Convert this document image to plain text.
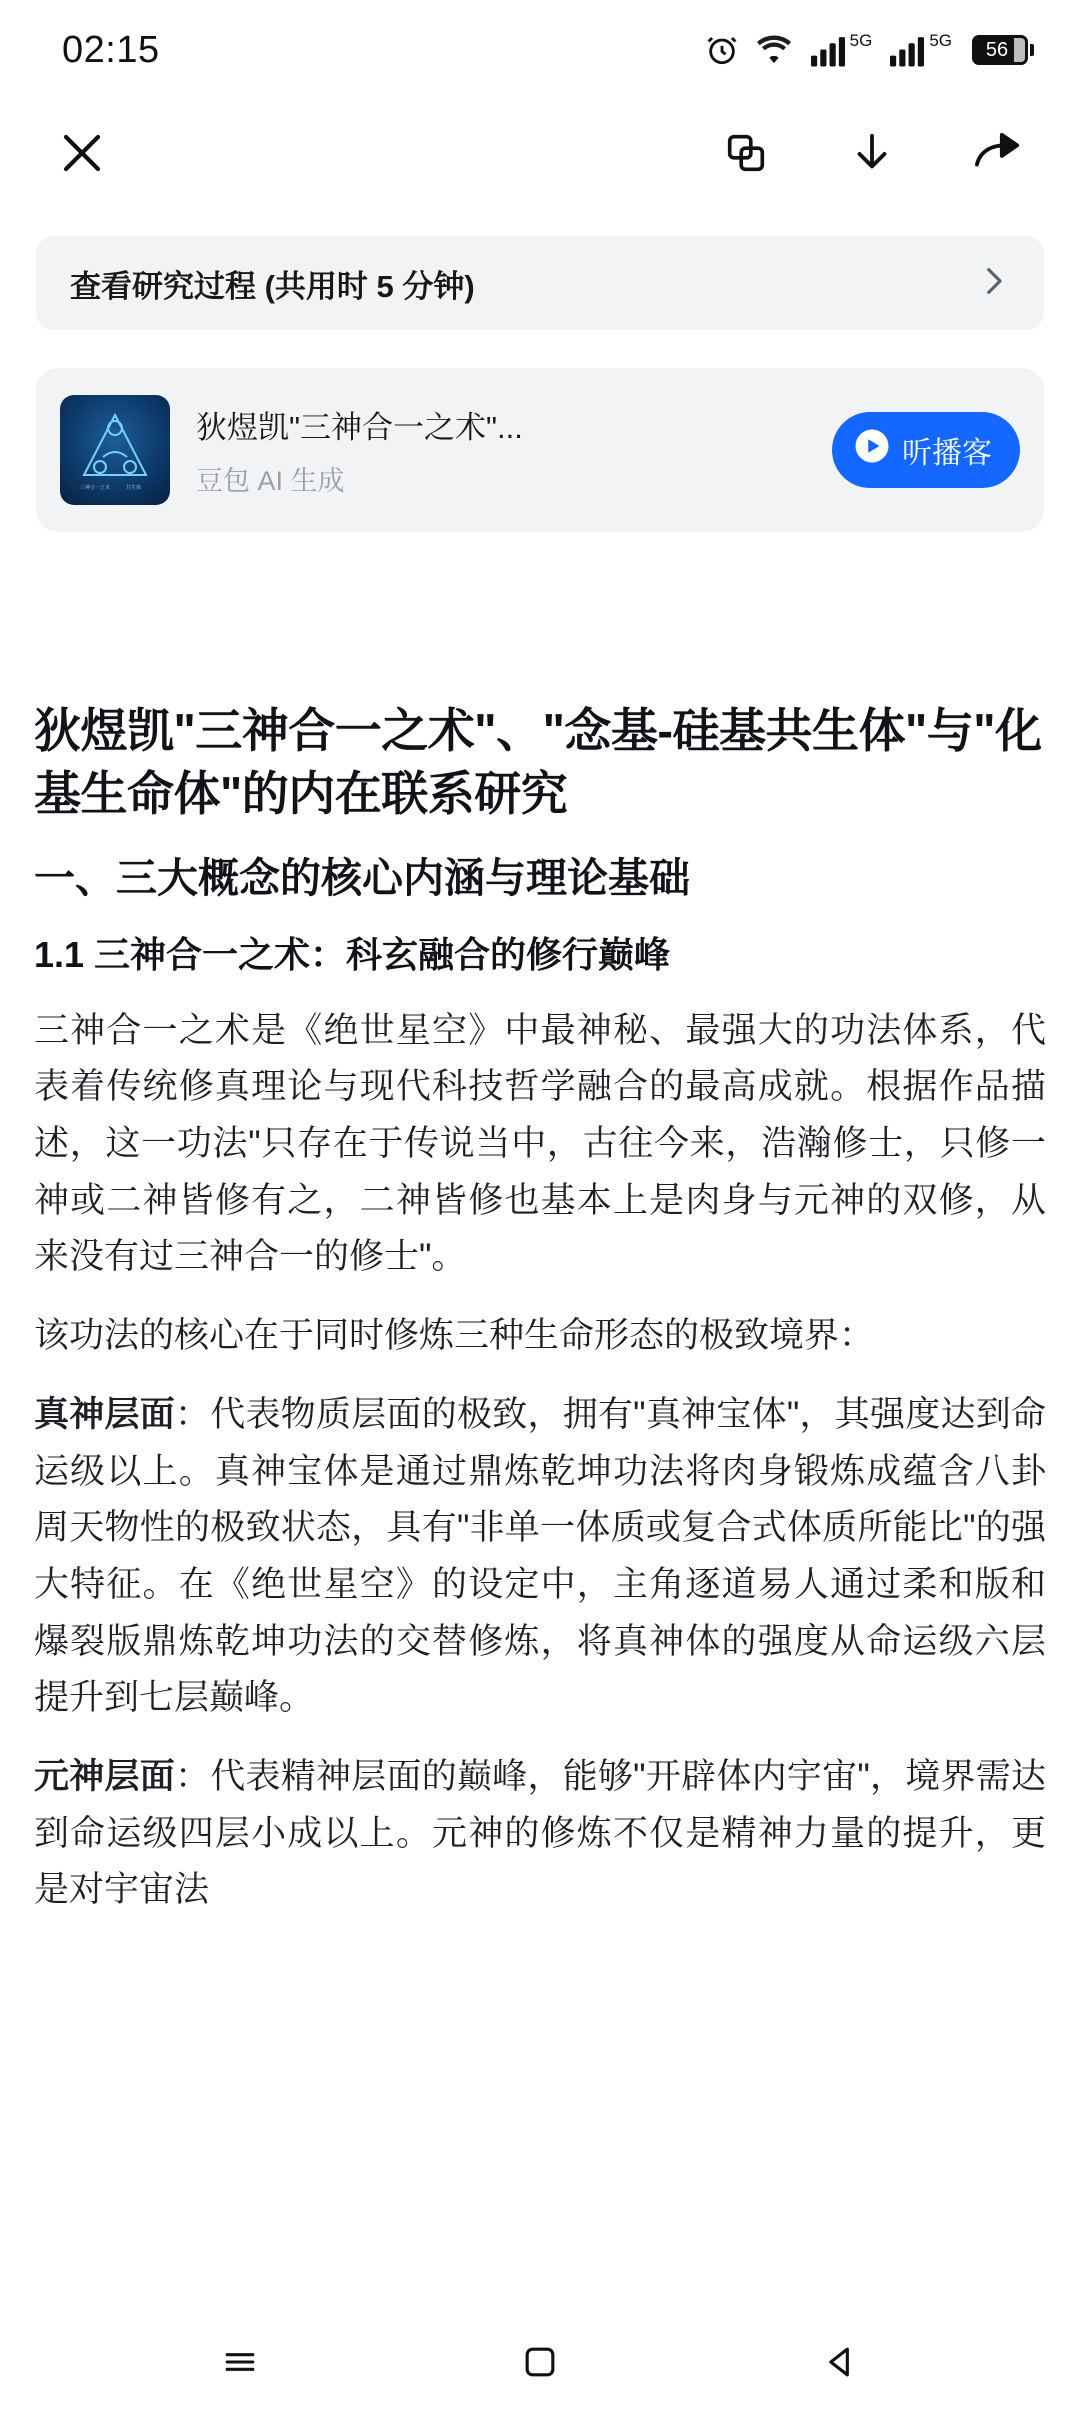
02:15	5G	5G 56
查看研究过程 (共用时 5 分钟)
三神合一之术	共生体
狄煜凯"三神合一之术"...
豆包 AI 生成
听播客
狄煜凯"三神合一之术"、"念基-硅基共生体"与"化基生命体"的内在联系研究
一、三大概念的核心内涵与理论基础
1.1 三神合一之术：科玄融合的修行巅峰

三神合一之术是《绝世星空》中最神秘、最强大的功法体系，代表着传统修真理论与现代科技哲学融合的最高成就。根据作品描述，这一功法"只存在于传说当中，古往今来，浩瀚修士，只修一神或二神皆修有之，二神皆修也基本上是肉身与元神的双修，从来没有过三神合一的修士"。

该功法的核心在于同时修炼三种生命形态的极致境界：

真神层面：代表物质层面的极致，拥有"真神宝体"，其强度达到命运级以上。真神宝体是通过鼎炼乾坤功法将肉身锻炼成蕴含八卦周天物性的极致状态，具有"非单一体质或复合式体质所能比"的强大特征。在《绝世星空》的设定中，主角逐道易人通过柔和版和爆裂版鼎炼乾坤功法的交替修炼，将真神体的强度从命运级六层提升到七层巅峰。

元神层面：代表精神层面的巅峰，能够"开辟体内宇宙"，境界需达到命运级四层小成以上。元神的修炼不仅是精神力量的提升，更是对宇宙法
